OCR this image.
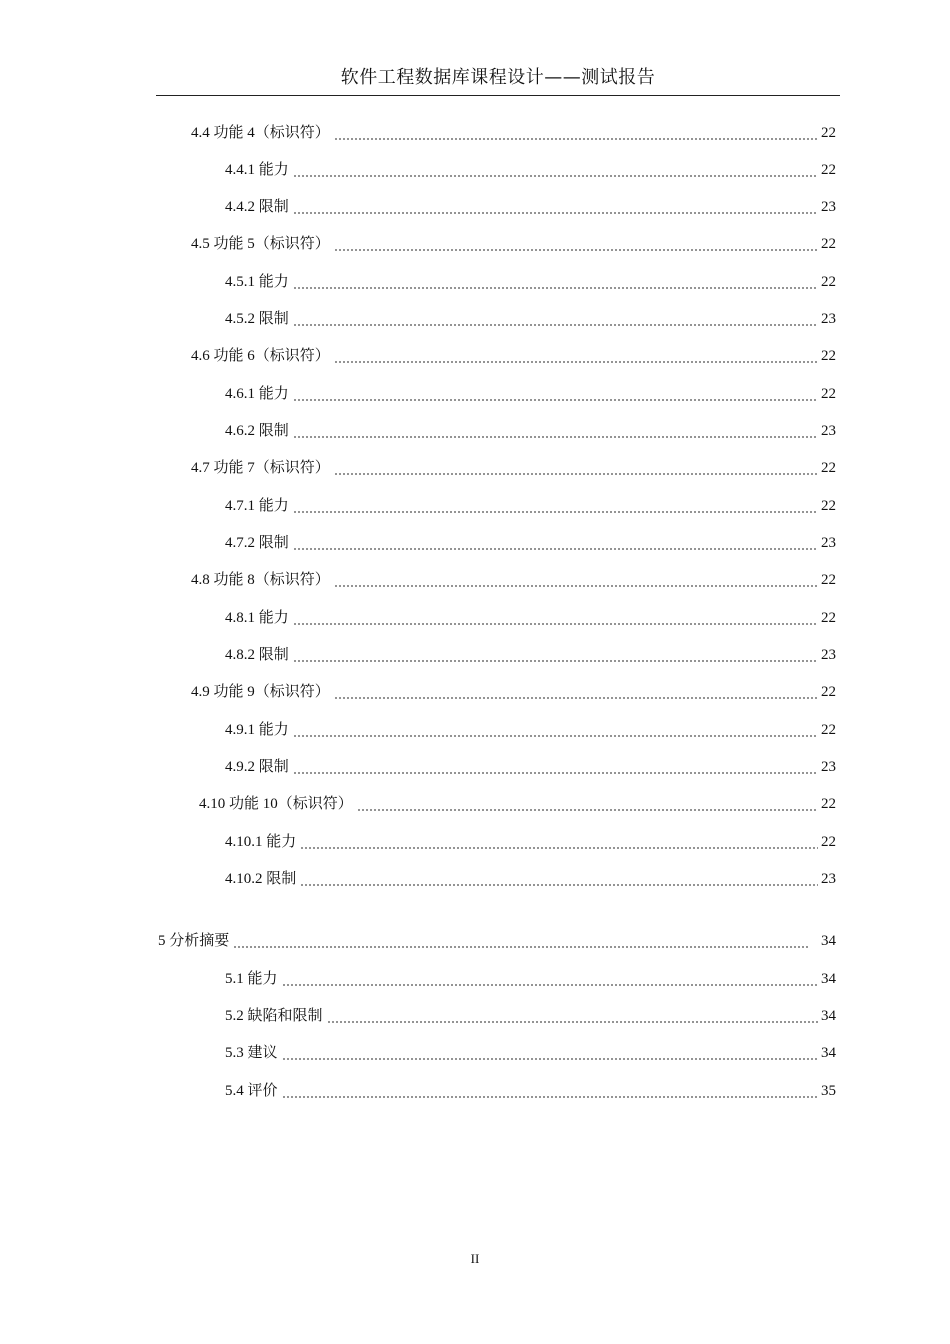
软件工程数据库课程设计——测试报告
4.4 功能 4（标识符）	22
4.4.1 能力	22
4.4.2 限制	23
4.5 功能 5（标识符）	22
4.5.1 能力	22
4.5.2 限制	23
4.6 功能 6（标识符）	22
4.6.1 能力	22
4.6.2 限制	23
4.7 功能 7（标识符）	22
4.7.1 能力	22
4.7.2 限制	23
4.8 功能 8（标识符）	22
4.8.1 能力	22
4.8.2 限制	23
4.9 功能 9（标识符）	22
4.9.1 能力	22
4.9.2 限制	23
4.10 功能 10（标识符）	22
4.10.1 能力	22
4.10.2 限制	23
5 分析摘要	34
5.1 能力	34
5.2 缺陷和限制	34
5.3 建议	34
5.4 评价	35
II
